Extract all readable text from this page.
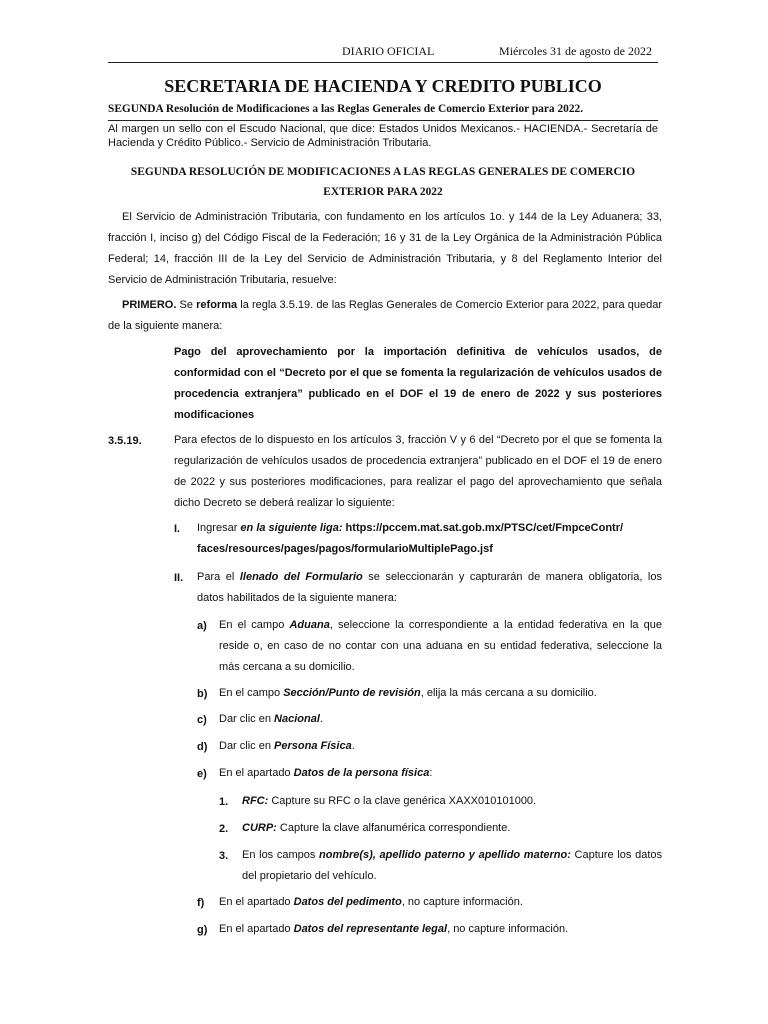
DIARIO OFICIAL	Miércoles 31 de agosto de 2022
SECRETARIA DE HACIENDA Y CREDITO PUBLICO
SEGUNDA Resolución de Modificaciones a las Reglas Generales de Comercio Exterior para 2022.
Al margen un sello con el Escudo Nacional, que dice: Estados Unidos Mexicanos.- HACIENDA.- Secretaría de Hacienda y Crédito Público.- Servicio de Administración Tributaria.
SEGUNDA RESOLUCIÓN DE MODIFICACIONES A LAS REGLAS GENERALES DE COMERCIO
EXTERIOR PARA 2022
El Servicio de Administración Tributaria, con fundamento en los artículos 1o. y 144 de la Ley Aduanera; 33, fracción I, inciso g) del Código Fiscal de la Federación; 16 y 31 de la Ley Orgánica de la Administración Pública Federal; 14, fracción III de la Ley del Servicio de Administración Tributaria, y 8 del Reglamento Interior del Servicio de Administración Tributaria, resuelve:
PRIMERO. Se reforma la regla 3.5.19. de las Reglas Generales de Comercio Exterior para 2022, para quedar de la siguiente manera:
Pago del aprovechamiento por la importación definitiva de vehículos usados, de conformidad con el “Decreto por el que se fomenta la regularización de vehículos usados de procedencia extranjera” publicado en el DOF el 19 de enero de 2022 y sus posteriores modificaciones
3.5.19.	Para efectos de lo dispuesto en los artículos 3, fracción V y 6 del “Decreto por el que se fomenta la regularización de vehículos usados de procedencia extranjera” publicado en el DOF el 19 de enero de 2022 y sus posteriores modificaciones, para realizar el pago del aprovechamiento que señala dicho Decreto se deberá realizar lo siguiente:
I. Ingresar en la siguiente liga: https://pccem.mat.sat.gob.mx/PTSC/cet/FmpceContr/
faces/resources/pages/pagos/formularioMultiplePago.jsf
II. Para el llenado del Formulario se seleccionarán y capturarán de manera obligatoria, los datos habilitados de la siguiente manera:
a) En el campo Aduana, seleccione la correspondiente a la entidad federativa en la que reside o, en caso de no contar con una aduana en su entidad federativa, seleccione la más cercana a su domicilio.
b) En el campo Sección/Punto de revisión, elija la más cercana a su domicilio.
c) Dar clic en Nacional.
d) Dar clic en Persona Física.
e) En el apartado Datos de la persona física:
1. RFC: Capture su RFC o la clave genérica XAXX010101000.
2. CURP: Capture la clave alfanumérica correspondiente.
3. En los campos nombre(s), apellido paterno y apellido materno: Capture los datos del propietario del vehículo.
f) En el apartado Datos del pedimento, no capture información.
g) En el apartado Datos del representante legal, no capture información.
